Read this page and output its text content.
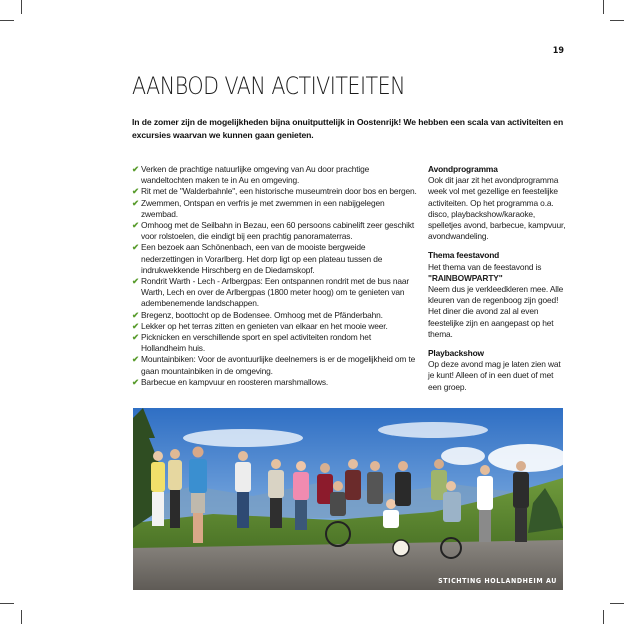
19
AANBOD VAN ACTIVITEITEN

In de zomer zijn de mogelijkheden bijna onuitputtelijk in Oostenrijk! We hebben een scala van activiteiten en excursies waarvan we kunnen gaan genieten.

✔ Verken de prachtige natuurlijke omgeving van Au door prachtige wandeltochten maken te in Au en omgeving.
✔ Rit met de "Walderbahnle", een historische museumtrein door bos en bergen.
✔ Zwemmen, Ontspan en verfris je met zwemmen in een nabijgelegen zwembad.
✔ Omhoog met de Seilbahn in Bezau, een 60 persoons cabinelift zeer geschikt voor rolstoelen, die eindigt bij een prachtig panoramaterras.
✔ Een bezoek aan Schönenbach, een van de mooiste bergweide nederzettingen in Vorarlberg. Het dorp ligt op een plateau tussen de indrukwekkende Hirschberg en de Diedamskopf.
✔ Rondrit Warth - Lech - Arlbergpas: Een ontspannen rondrit met de bus naar Warth, Lech en over de Arlbergpas (1800 meter hoog) om te genieten van adembenemende landschappen.
✔ Bregenz, boottocht op de Bodensee. Omhoog met de Pfänderbahn.
✔ Lekker op het terras zitten en genieten van elkaar en het mooie weer.
✔ Picknicken en verschillende sport en spel activiteiten rondom het Hollandheim huis.
✔ Mountainbiken: Voor de avontuurlijke deelnemers is er de mogelijkheid om te gaan mountainbiken in de omgeving.
✔ Barbecue en kampvuur en roosteren marshmallows.
Avondprogramma

Ook dit jaar zit het avondprogramma week vol met gezellige en feestelijke activiteiten. Op het programma o.a. disco, playbackshow/karaoke, spelletjes avond, barbecue, kampvuur, avondwandeling.

Thema feestavond

Het thema van de feestavond is
"RAINBOWPARTY"
Neem dus je verkleedkleren mee. Alle kleuren van de regenboog zijn goed! Het diner die avond zal al even feestelijke zijn en aangepast op het thema.

Playbackshow

Op deze avond mag je laten zien wat je kunt! Alleen of in een duet of met een groep.

STICHTING HOLLANDHEIM AU
